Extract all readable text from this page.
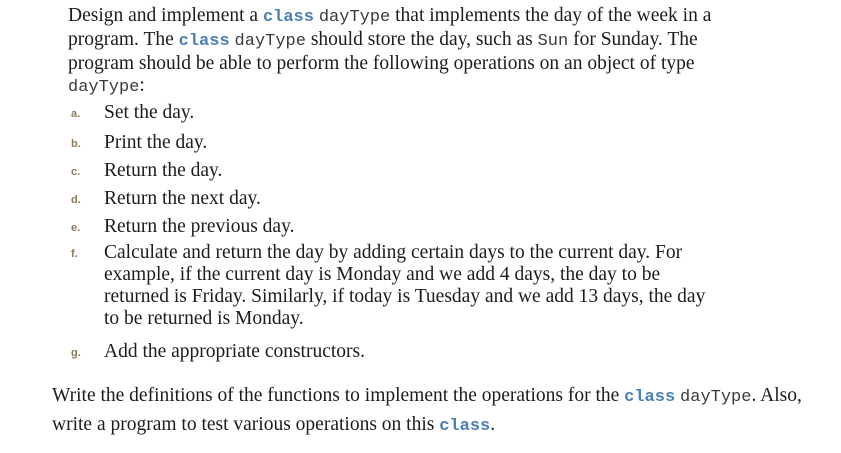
Design and implement a class dayType that implements the day of the week in a program. The class dayType should store the day, such as Sun for Sunday. The program should be able to perform the following operations on an object of type dayType:

a. Set the day.
b. Print the day.
c. Return the day.
d. Return the next day.
e. Return the previous day.
f. Calculate and return the day by adding certain days to the current day. For example, if the current day is Monday and we add 4 days, the day to be returned is Friday. Similarly, if today is Tuesday and we add 13 days, the day to be returned is Monday.
g. Add the appropriate constructors.

Write the definitions of the functions to implement the operations for the class dayType. Also, write a program to test various operations on this class.
